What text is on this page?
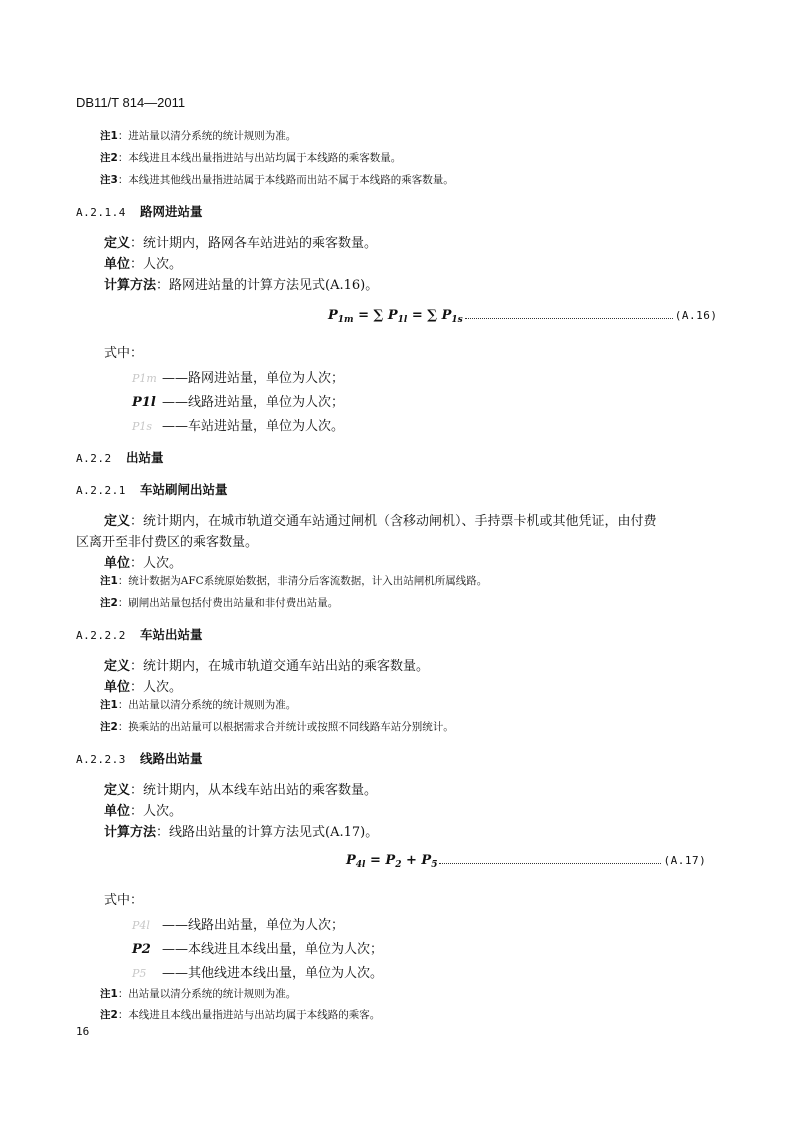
DB11/T 814—2011
注1：进站量以清分系统的统计规则为准。
注2：本线进且本线出量指进站与出站均属于本线路的乘客数量。
注3：本线进其他线出量指进站属于本线路而出站不属于本线路的乘客数量。
A.2.1.4 路网进站量
定义：统计期内，路网各车站进站的乘客数量。
单位：人次。
计算方法：路网进站量的计算方法见式(A.16)。
$P_{1m}$ = ∑ $P_{1l}$ = ∑ $P_{1s}$	(A.16)
式中：
P1m ——路网进站量，单位为人次；
P1l ——线路进站量，单位为人次；
P1s ——车站进站量，单位为人次。
A.2.2 出站量
A.2.2.1 车站刷闸出站量
定义：统计期内，在城市轨道交通车站通过闸机（含移动闸机）、手持票卡机或其他凭证，由付费
区离开至非付费区的乘客数量。
单位：人次。
注1：统计数据为AFC系统原始数据，非清分后客流数据，计入出站闸机所属线路。
注2：刷闸出站量包括付费出站量和非付费出站量。
A.2.2.2 车站出站量
定义：统计期内，在城市轨道交通车站出站的乘客数量。
单位：人次。
注1：出站量以清分系统的统计规则为准。
注2：换乘站的出站量可以根据需求合并统计或按照不同线路车站分别统计。
A.2.2.3 线路出站量
定义：统计期内，从本线车站出站的乘客数量。
单位：人次。
计算方法：线路出站量的计算方法见式(A.17)。
$P_{4l} = P_2 + P_5$	(A.17)
式中：
P4l ——线路出站量，单位为人次；
P2 ——本线进且本线出量，单位为人次；
P5 ——其他线进本线出量，单位为人次。
注1：出站量以清分系统的统计规则为准。
注2：本线进且本线出量指进站与出站均属于本线路的乘客。
16
